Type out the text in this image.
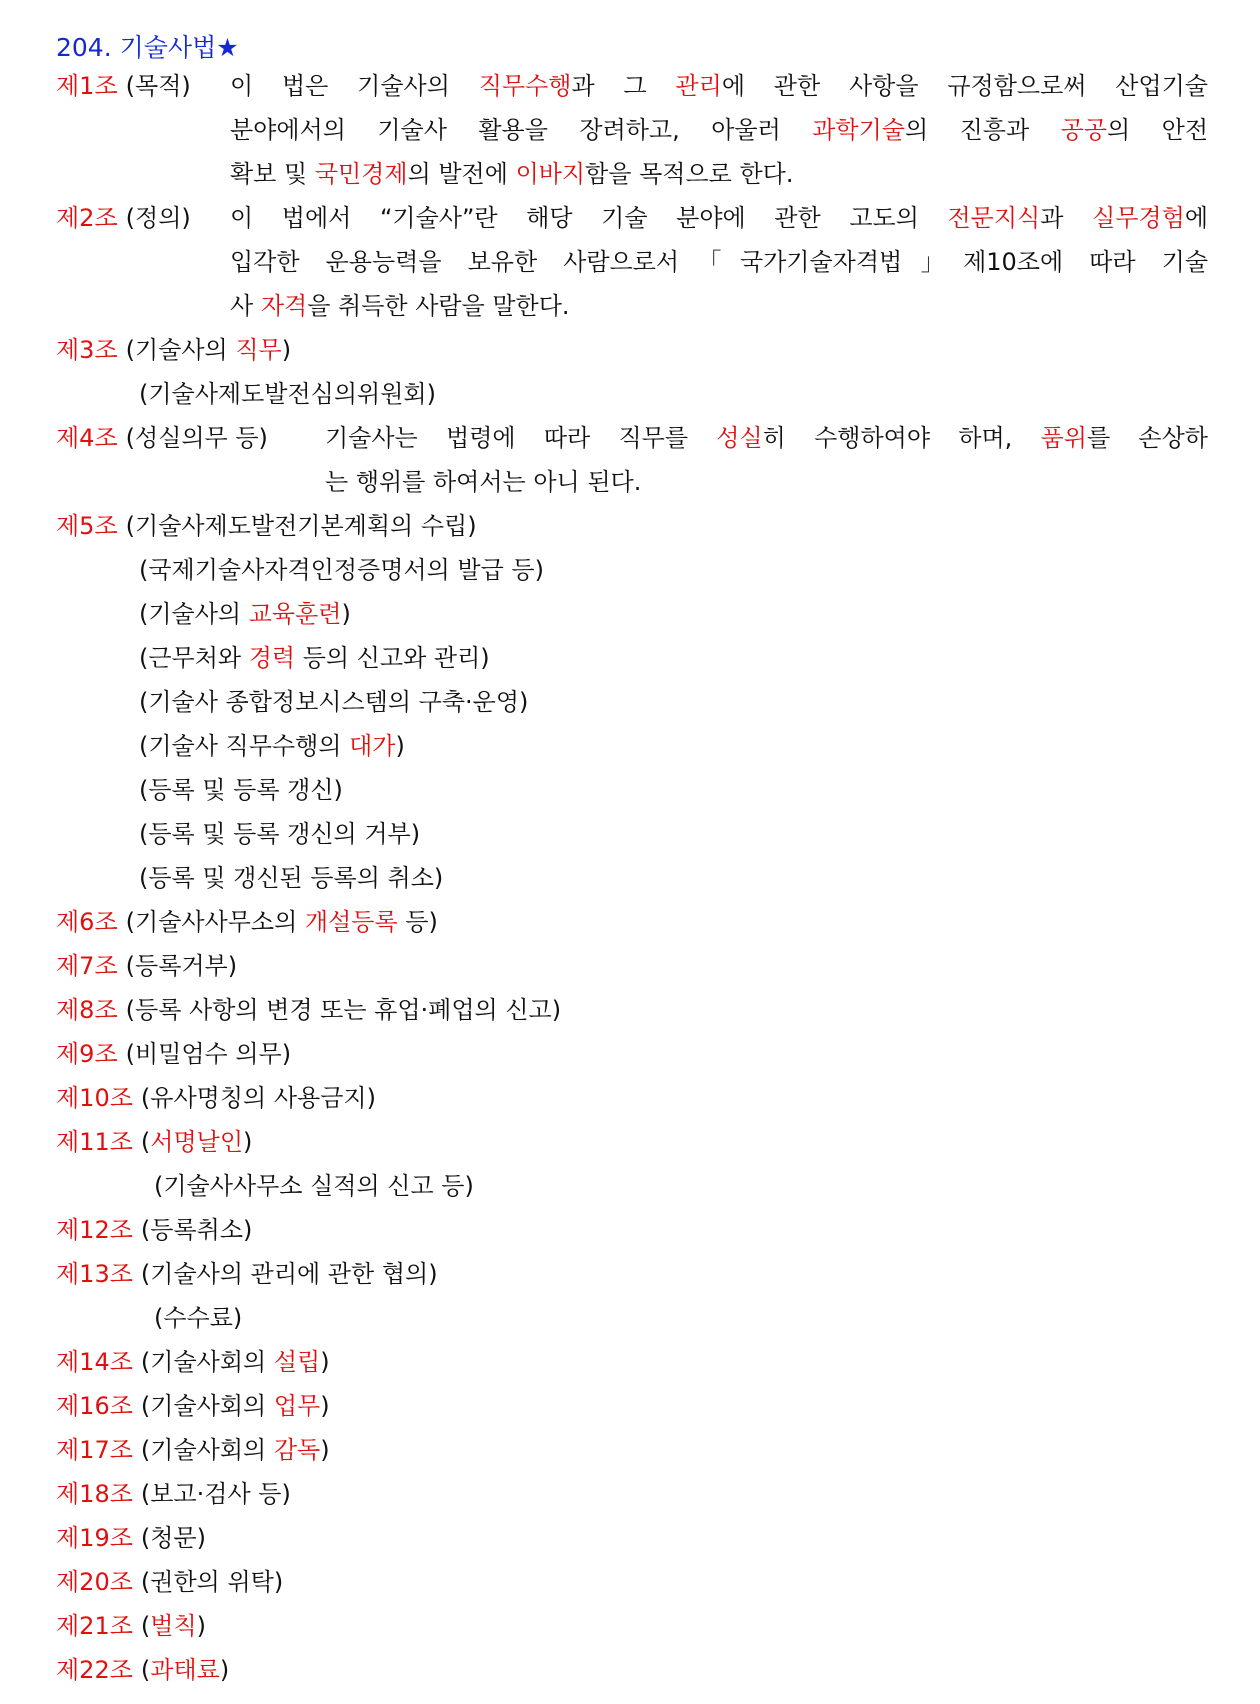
204. 기술사법★
제1조 (목적) 이 법은 기술사의 직무수행과 그 관리에 관한 사항을 규정함으로써 산업기술
분야에서의 기술사 활용을 장려하고, 아울러 과학기술의 진흥과 공공의 안전
확보 및 국민경제의 발전에 이바지함을 목적으로 한다.
제2조 (정의) 이 법에서 “기술사”란 해당 기술 분야에 관한 고도의 전문지식과 실무경험에
입각한 운용능력을 보유한 사람으로서「국가기술자격법」제10조에 따라 기술
사 자격을 취득한 사람을 말한다.
제3조 (기술사의 직무)
(기술사제도발전심의위원회)
제4조 (성실의무 등) 기술사는 법령에 따라 직무를 성실히 수행하여야 하며, 품위를 손상하
는 행위를 하여서는 아니 된다.
제5조 (기술사제도발전기본계획의 수립)
(국제기술사자격인정증명서의 발급 등)
(기술사의 교육훈련)
(근무처와 경력 등의 신고와 관리)
(기술사 종합정보시스템의 구축·운영)
(기술사 직무수행의 대가)
(등록 및 등록 갱신)
(등록 및 등록 갱신의 거부)
(등록 및 갱신된 등록의 취소)
제6조 (기술사사무소의 개설등록 등)
제7조 (등록거부)
제8조 (등록 사항의 변경 또는 휴업·폐업의 신고)
제9조 (비밀엄수 의무)
제10조 (유사명칭의 사용금지)
제11조 (서명날인)
(기술사사무소 실적의 신고 등)
제12조 (등록취소)
제13조 (기술사의 관리에 관한 협의)
(수수료)
제14조 (기술사회의 설립)
제16조 (기술사회의 업무)
제17조 (기술사회의 감독)
제18조 (보고·검사 등)
제19조 (청문)
제20조 (권한의 위탁)
제21조 (벌칙)
제22조 (과태료)
